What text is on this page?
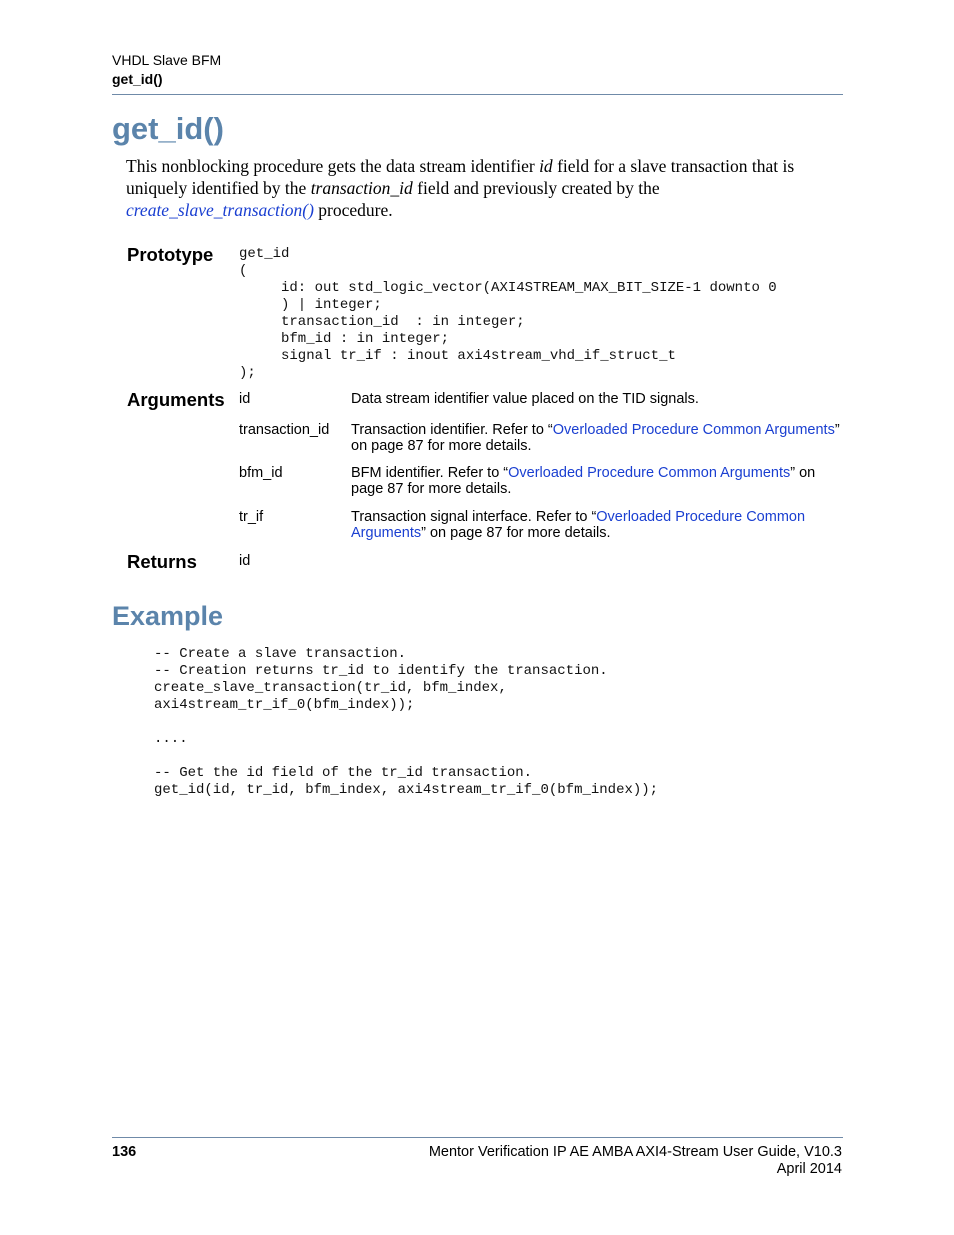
VHDL Slave BFM
get_id()
get_id()
This nonblocking procedure gets the data stream identifier id field for a slave transaction that is uniquely identified by the transaction_id field and previously created by the create_slave_transaction() procedure.
Prototype get_id
(
id: out std_logic_vector(AXI4STREAM_MAX_BIT_SIZE-1 downto 0
) | integer;
transaction_id  : in integer;
bfm_id : in integer;
signal tr_if : inout axi4stream_vhd_if_struct_t
);
Arguments id	Data stream identifier value placed on the TID signals.
transaction_id Transaction identifier. Refer to “Overloaded Procedure Common Arguments” on page 87 for more details.
bfm_id	BFM identifier. Refer to “Overloaded Procedure Common Arguments” on page 87 for more details.
tr_if	Transaction signal interface. Refer to “Overloaded Procedure Common Arguments” on page 87 for more details.
Returns	id
Example
-- Create a slave transaction.
-- Creation returns tr_id to identify the transaction.
create_slave_transaction(tr_id, bfm_index,
axi4stream_tr_if_0(bfm_index));

....

-- Get the id field of the tr_id transaction.
get_id(id, tr_id, bfm_index, axi4stream_tr_if_0(bfm_index));
136	Mentor Verification IP AE AMBA AXI4-Stream User Guide, V10.3
April 2014
